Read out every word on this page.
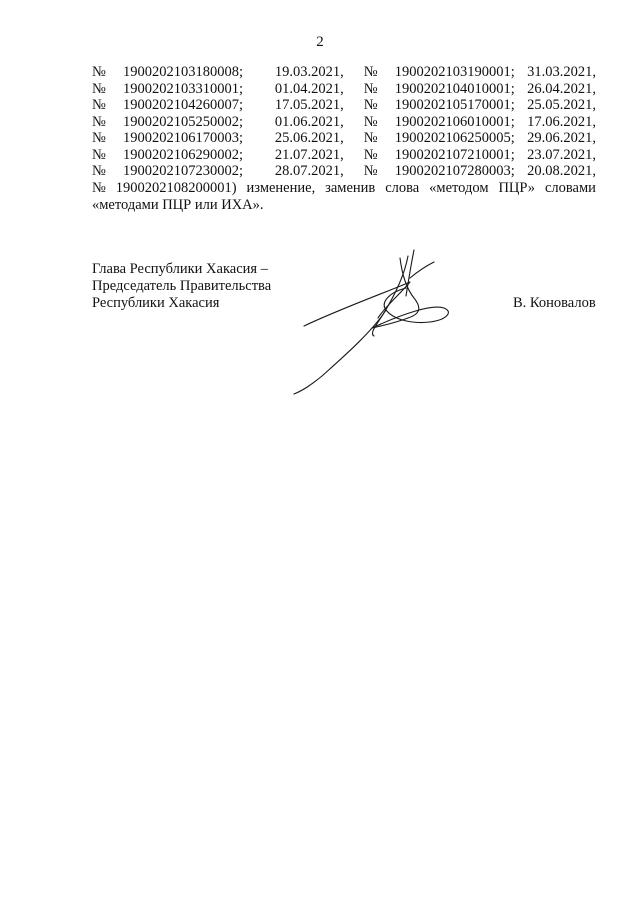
2
№	1900202103180008;	19.03.2021,	№	1900202103190001;	31.03.2021,
№	1900202103310001;	01.04.2021,	№	1900202104010001;	26.04.2021,
№	1900202104260007;	17.05.2021,	№	1900202105170001;	25.05.2021,
№	1900202105250002;	01.06.2021,	№	1900202106010001;	17.06.2021,
№	1900202106170003;	25.06.2021,	№	1900202106250005;	29.06.2021,
№	1900202106290002;	21.07.2021,	№	1900202107210001;	23.07.2021,
№	1900202107230002;	28.07.2021,	№	1900202107280003;	20.08.2021,
№ 1900202108200001) изменение, заменив слова «методом ПЦР» словами
«методами ПЦР или ИХА».
Глава Республики Хакасия –
Председатель Правительства
Республики Хакасия	В. Коновалов
